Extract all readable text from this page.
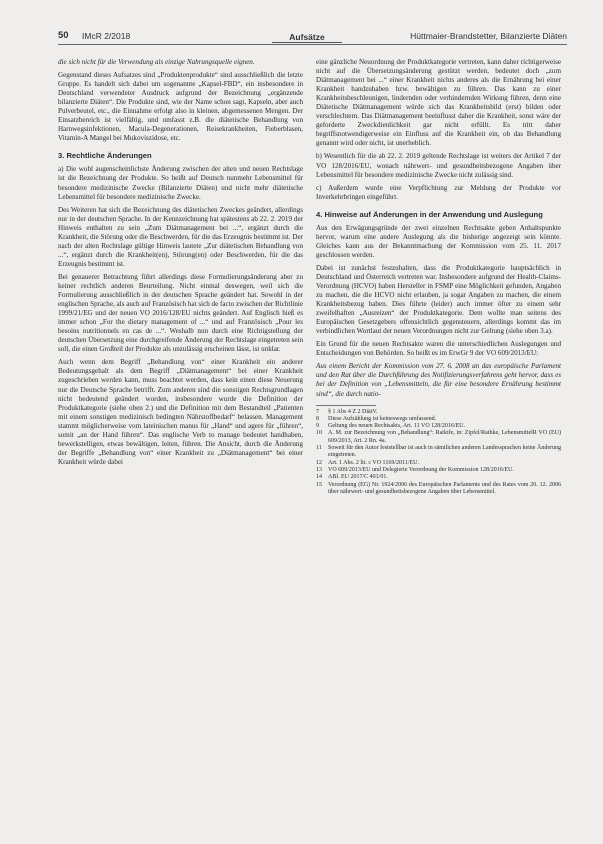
50 IMcR 2/2018	Aufsätze	Hüttmaier-Brandstetter, Bilanzierte Diäten

die sich nicht für die Verwendung als einzige Nahrungsquelle eignen.

Gegenstand dieses Aufsatzes sind „Produktenprodukte“ sind ausschließlich die letzte Gruppe. Es handelt sich dabei um sogenannte „Kapsel-FBD“, ein insbesondere in Deutschland verwendeter Ausdruck aufgrund der Bezeichnung „ergänzende bilanzierte Diäten“. Die Produkte sind, wie der Name schon sagt, Kapseln, aber auch Pulverbeutel, etc., die Einnahme erfolgt also in kleinen, abgemessenen Mengen. Der Einsatzbereich ist vielfältig, und umfasst z.B. die diätetische Behandlung von Harnwegsinfektionen, Macula-Degenerationen, Reisekrankheiten, Fieberblasen, Vitamin-A Mangel bei Mukoviszidose, etc.

3. Rechtliche Änderungen

a) Die wohl augenscheinlichste Änderung zwischen der alten und neuen Rechtslage ist die Bezeichnung der Produkte. So heißt auf Deutsch nunmehr Lebensmittel für besondere medizinische Zwecke (Bilanzierte Diäten) und nicht mehr diätetische Lebensmittel für besondere medizinische Zwecke.

Des Weiteren hat sich die Bezeichnung des diätetischen Zweckes geändert, allerdings nur in der deutschen Sprache. In der Kennzeichnung hat spätestens ab 22. 2. 2019 der Hinweis enthalten zu sein „Zum Diätmanagement bei ...“, ergänzt durch die Krankheit, die Störung oder die Beschwerden, für die das Erzeugnis bestimmt ist. Der nach der alten Rechtslage gültige Hinweis lautete „Zur diätetischen Behandlung von ...“, ergänzt durch die Krankheit(en), Störung(en) oder Beschwerden, für die das Erzeugnis bestimmt ist.

Bei genauerer Betrachtung führt allerdings diese Formulierungsänderung aber zu keiner rechtlich anderen Beurteilung. Nicht einmal deswegen, weil sich die Formulierung ausschließlich in der deutschen Sprache geändert hat. Sowohl in der englischen Sprache, als auch auf Französisch hat sich de facto zwischen der Richtlinie 1999/21/EG und der neuen VO 2016/128/EU nichts geändert. Auf Englisch hieß es immer schon „For the dietary management of ...“ und auf Französisch „Pour les besoins nutritionnels en cas de ...“. Weshalb nun durch eine Richtigstellung der deutschen Übersetzung eine durchgreifende Änderung der Rechtslage eingetreten sein soll, die einen Großteil der Produkte als unzulässig erscheinen lässt, ist unklar.

Auch wenn dem Begriff „Behandlung von“ einer Krankheit ein anderer Bedeutungsgehalt als dem Begriff „Diätmanagement“ bei einer Krankheit zugeschrieben werden kann, muss beachtet werden, dass kein einen diese Neuerung nur die Deutsche Sprache betrifft. Zum anderen sind die sonstigen Rechtsgrundlagen nicht bedeutend geändert worden, insbesondere wurde die Definition der Produktkategorie (siehe oben 2.) und die Definition mit dem Bestandteil „Patienten mit einem sonstigen medizinisch bedingten Nährstoffbedarf“ belassen. Management stammt möglicherweise vom lateinischen manus für „Hand“ und agere für „führen“, somit „an der Hand führen“. Das englische Verb to manage bedeutet handhaben, bewerkstelligen, etwas bewältigen, leiten, führen. Die Ansicht, durch die Änderung der Begriffe „Behandlung von“ einer Krankheit zu „Diätmanagement“ bei einer Krankheit würde dabei

eine gänzliche Neuordnung der Produktkategorie vertreten, kann daher richtigerweise nicht auf die Übersetzungsänderung gestützt werden, bedeutet doch „zum Diätmanagement bei ...“ einer Krankheit nichts anderes als die Ernährung bei einer Krankheit handzuhaben bzw. bewältigen zu führen. Das kann zu einer Krankheitsbeschleunigen, lindernden oder verhindernden Wirkung führen, denn eine Diätetische Diätmanagement würde sich das Krankheitsbild (erst) bilden oder verschlechtern. Das Diätmanagement beeinflusst daher die Krankheit, sonst wäre der geforderte Zweckdienlichkeit gar nicht erfüllt. Es tritt daher begriffsnotwendigerweise ein Einfluss auf die Krankheit ein, ob das Behandlung genannt wird oder nicht, ist unerheblich.

b) Wesentlich für die ab 22. 2. 2019 geltende Rechtslage ist weiters der Artikel 7 der VO 128/2016/EU, wonach nährwert- und gesundheitsbezogene Angaben über Lebensmittel für besondere medizinische Zwecke nicht zulässig sind.

c) Außerdem wurde eine Verpflichtung zur Meldung der Produkte vor Inverkehrbringen eingeführt.

4. Hinweise auf Änderungen in der Anwendung und Auslegung

Aus den Erwägungsgründe der zwei einzelnen Rechtsakte geben Anhaltspunkte hervor, warum eine andere Auslegung als die bisherige angezeigt sein könnte. Gleiches kann aus der Bekanntmachung der Kommission vom 25. 11. 2017 geschlossen werden.

Dabei ist zunächst festzuhalten, dass die Produktkategorie hauptsächlich in Deutschland und Österreich vertreten war. Insbesondere aufgrund der Health-Claims-Verordnung (HCVO) haben Hersteller in FSMP eine Möglichkeit gefunden, Angaben zu machen, die die HCVO nicht erlauben, ja sogar Angaben zu machen, die einem Krankheitsbezug haben. Dies führte (leider) auch immer öfter zu einem sehr zweifelhaften „Ausreizen“ der Produktkategorie. Dem wollte man seitens des Europäischen Gesetzgebers offensichtlich gegensteuern, allerdings kommt das im verbindlichen Wortlaut der neuen Verordnungen nicht zur Geltung (siehe oben 3.a).

Ein Grund für die neuen Rechtsakte waren die unterschiedlichen Auslegungen und Entscheidungen von Behörden. So heißt es im ErwGr 9 der VO 609/2013/EU:

Aus einem Bericht der Kommission vom 27. 6. 2008 an das europäische Parlament und den Rat über die Durchführung des Notifizierungsverfahrens geht hervor, dass es bei der Definition von „Lebensmitteln, die für eine besondere Ernährung bestimmt sind“, die durch natio-

7	§ 1 Abs 4 Z 2 DiätV.
8	Diese Aufzählung ist keineswegs umfassend.
9	Geltung des neuen Rechtsakts, Art. 11 VO 128/2016/EU.
10	A. M. zur Bezeichnung von „Behandlung“: Ratkife, in: Zipfel/Rathke, LebensmittelR VO (EU) 609/2013, Art. 2 Rn. 4a.
11	Soweit für den Autor feststellbar ist auch in sämtlichen anderen Landessprachen keine Änderung eingetreten.
12	Art. 1 Abs. 2 lit. c VO 1169/2011/EU.
13	VO 609/2013/EU und Delegierte Verordnung der Kommission 128/2016/EU.
14	ABl. EU 2017/C 401/01.
15	Verordnung (EG) Nr. 1924/2006 des Europäischen Parlaments und des Rates vom 20. 12. 2006 über nährwert- und gesundheitsbezogene Angaben über Lebensmittel.
